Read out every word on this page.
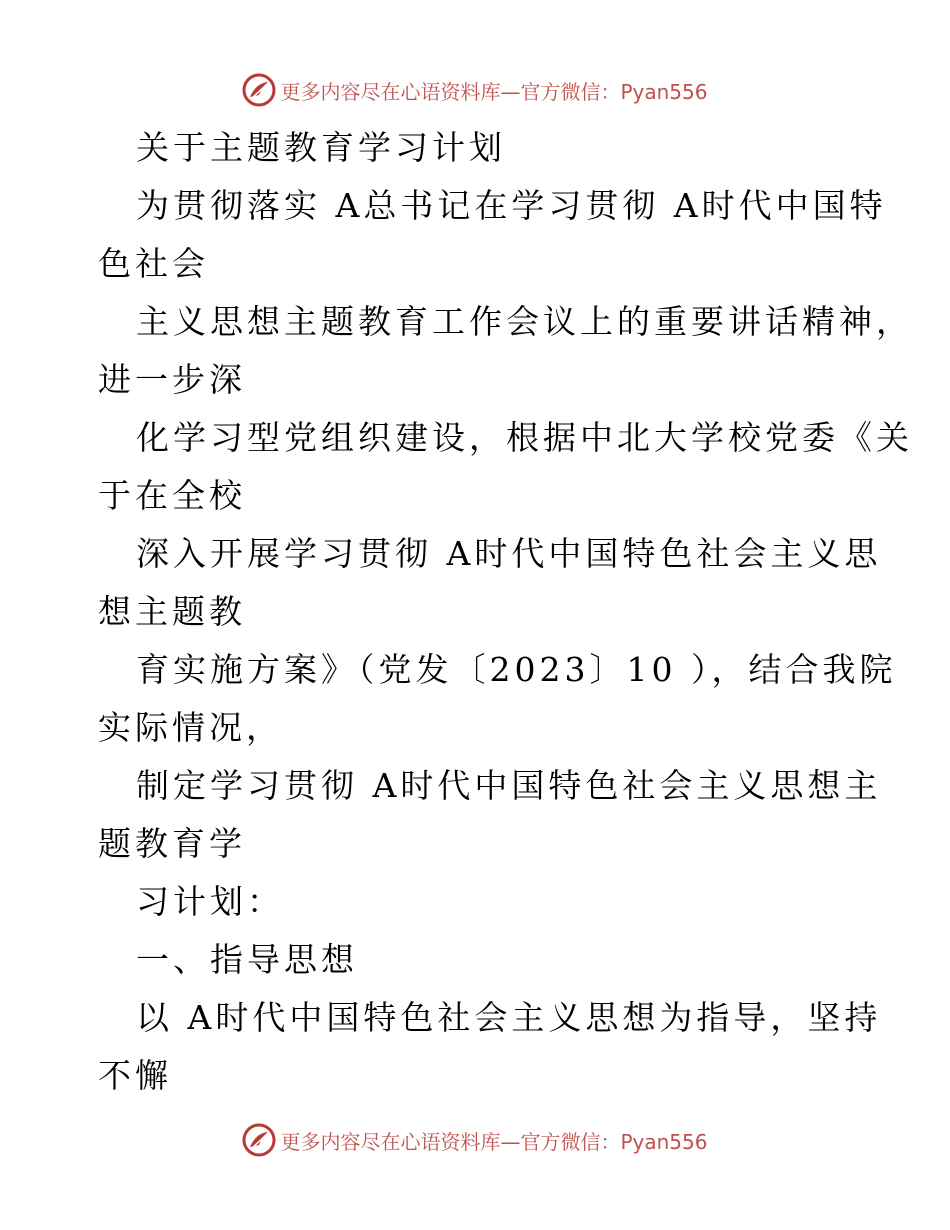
更多内容尽在心语资料库—官方微信：Pyan556
关于主题教育学习计划
为贯彻落实 A总书记在学习贯彻 A时代中国特
色社会
主义思想主题教育工作会议上的重要讲话精神，
进一步深
化学习型党组织建设，根据中北大学校党委《关
于在全校
深入开展学习贯彻 A时代中国特色社会主义思
想主题教
育实施方案》（党发〔2023〕10 ），结合我院
实际情况，
制定学习贯彻 A时代中国特色社会主义思想主
题教育学
习计划：
一、指导思想
以 A时代中国特色社会主义思想为指导，坚持
不懈
更多内容尽在心语资料库—官方微信：Pyan556
